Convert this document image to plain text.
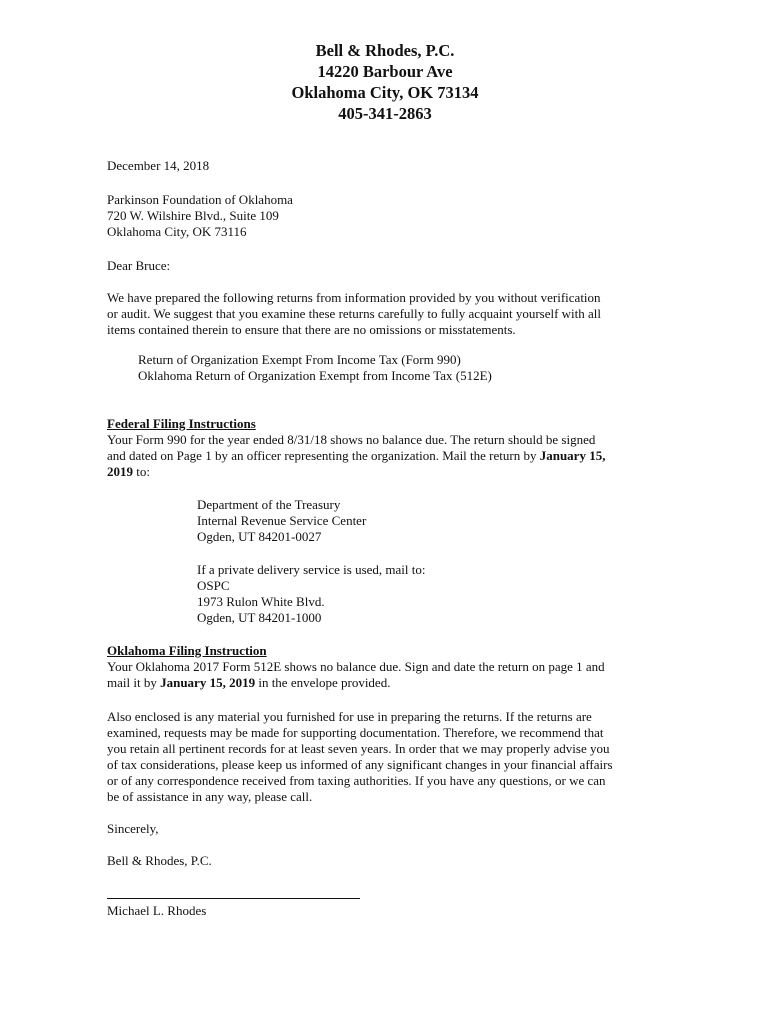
Bell & Rhodes, P.C.
14220 Barbour Ave
Oklahoma City, OK 73134
405-341-2863
December 14, 2018
Parkinson Foundation of Oklahoma
720 W. Wilshire Blvd., Suite 109
Oklahoma City, OK 73116
Dear Bruce:
We have prepared the following returns from information provided by you without verification
or audit. We suggest that you examine these returns carefully to fully acquaint yourself with all
items contained therein to ensure that there are no omissions or misstatements.
Return of Organization Exempt From Income Tax (Form 990)
Oklahoma Return of Organization Exempt from Income Tax (512E)
Federal Filing Instructions
Your Form 990 for the year ended 8/31/18 shows no balance due. The return should be signed
and dated on Page 1 by an officer representing the organization. Mail the return by January 15,
2019 to:
Department of the Treasury
Internal Revenue Service Center
Ogden, UT 84201-0027
If a private delivery service is used, mail to:
OSPC
1973 Rulon White Blvd.
Ogden, UT 84201-1000
Oklahoma Filing Instruction
Your Oklahoma 2017 Form 512E shows no balance due. Sign and date the return on page 1 and
mail it by January 15, 2019 in the envelope provided.
Also enclosed is any material you furnished for use in preparing the returns. If the returns are
examined, requests may be made for supporting documentation. Therefore, we recommend that
you retain all pertinent records for at least seven years. In order that we may properly advise you
of tax considerations, please keep us informed of any significant changes in your financial affairs
or of any correspondence received from taxing authorities. If you have any questions, or we can
be of assistance in any way, please call.
Sincerely,
Bell & Rhodes, P.C.
Michael L. Rhodes
